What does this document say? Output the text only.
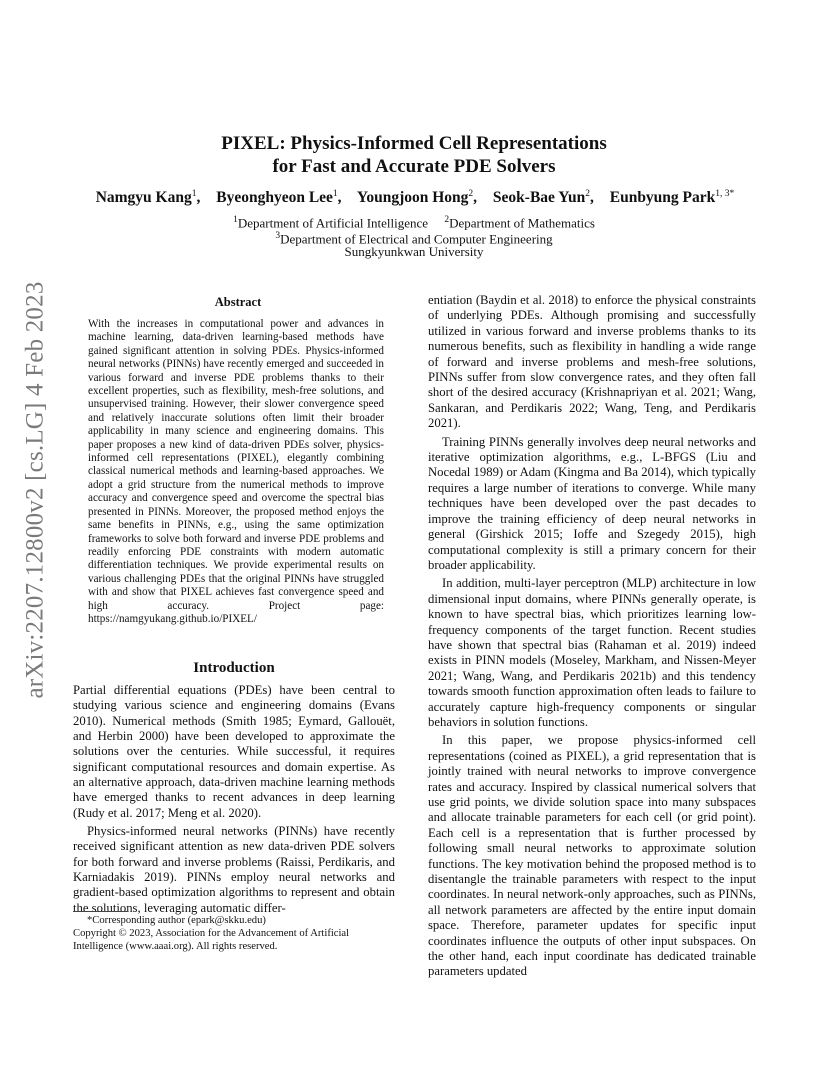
arXiv:2207.12800v2 [cs.LG] 4 Feb 2023
PIXEL: Physics-Informed Cell Representations
for Fast and Accurate PDE Solvers
Namgyu Kang$^1$, Byeonghyeon Lee$^1$, Youngjoon Hong$^2$, Seok-Bae Yun$^2$, Eunbyung Park$^{1, 3*}$
$^1$Department of Artificial Intelligence $^2$Department of Mathematics
$^3$Department of Electrical and Computer Engineering
Sungkyunkwan University
Abstract
With the increases in computational power and advances in machine learning, data-driven learning-based methods have gained significant attention in solving PDEs. Physics-informed neural networks (PINNs) have recently emerged and succeeded in various forward and inverse PDE problems thanks to their excellent properties, such as flexibility, mesh-free solutions, and unsupervised training. However, their slower convergence speed and relatively inaccurate solutions often limit their broader applicability in many science and engineering domains. This paper proposes a new kind of data-driven PDEs solver, physics-informed cell representations (PIXEL), elegantly combining classical numerical methods and learning-based approaches. We adopt a grid structure from the numerical methods to improve accuracy and convergence speed and overcome the spectral bias presented in PINNs. Moreover, the proposed method enjoys the same benefits in PINNs, e.g., using the same optimization frameworks to solve both forward and inverse PDE problems and readily enforcing PDE constraints with modern automatic differentiation techniques. We provide experimental results on various challenging PDEs that the original PINNs have struggled with and show that PIXEL achieves fast convergence speed and high accuracy. Project page: https://namgyukang.github.io/PIXEL/
Introduction

Partial differential equations (PDEs) have been central to studying various science and engineering domains (Evans 2010). Numerical methods (Smith 1985; Eymard, Gallouët, and Herbin 2000) have been developed to approximate the solutions over the centuries. While successful, it requires significant computational resources and domain expertise. As an alternative approach, data-driven machine learning methods have emerged thanks to recent advances in deep learning (Rudy et al. 2017; Meng et al. 2020).

Physics-informed neural networks (PINNs) have recently received significant attention as new data-driven PDE solvers for both forward and inverse problems (Raissi, Perdikaris, and Karniadakis 2019). PINNs employ neural networks and gradient-based optimization algorithms to represent and obtain the solutions, leveraging automatic differ-

entiation (Baydin et al. 2018) to enforce the physical constraints of underlying PDEs. Although promising and successfully utilized in various forward and inverse problems thanks to its numerous benefits, such as flexibility in handling a wide range of forward and inverse problems and mesh-free solutions, PINNs suffer from slow convergence rates, and they often fall short of the desired accuracy (Krishnapriyan et al. 2021; Wang, Sankaran, and Perdikaris 2022; Wang, Teng, and Perdikaris 2021).

Training PINNs generally involves deep neural networks and iterative optimization algorithms, e.g., L-BFGS (Liu and Nocedal 1989) or Adam (Kingma and Ba 2014), which typically requires a large number of iterations to converge. While many techniques have been developed over the past decades to improve the training efficiency of deep neural networks in general (Girshick 2015; Ioffe and Szegedy 2015), high computational complexity is still a primary concern for their broader applicability.

In addition, multi-layer perceptron (MLP) architecture in low dimensional input domains, where PINNs generally operate, is known to have spectral bias, which prioritizes learning low-frequency components of the target function. Recent studies have shown that spectral bias (Rahaman et al. 2019) indeed exists in PINN models (Moseley, Markham, and Nissen-Meyer 2021; Wang, Wang, and Perdikaris 2021b) and this tendency towards smooth function approximation often leads to failure to accurately capture high-frequency components or singular behaviors in solution functions.

In this paper, we propose physics-informed cell representations (coined as PIXEL), a grid representation that is jointly trained with neural networks to improve convergence rates and accuracy. Inspired by classical numerical solvers that use grid points, we divide solution space into many subspaces and allocate trainable parameters for each cell (or grid point). Each cell is a representation that is further processed by following small neural networks to approximate solution functions. The key motivation behind the proposed method is to disentangle the trainable parameters with respect to the input coordinates. In neural network-only approaches, such as PINNs, all network parameters are affected by the entire input domain space. Therefore, parameter updates for specific input coordinates influence the outputs of other input subspaces. On the other hand, each input coordinate has dedicated trainable parameters updated

*Corresponding author (epark@skku.edu)
Copyright © 2023, Association for the Advancement of Artificial Intelligence (www.aaai.org). All rights reserved.
